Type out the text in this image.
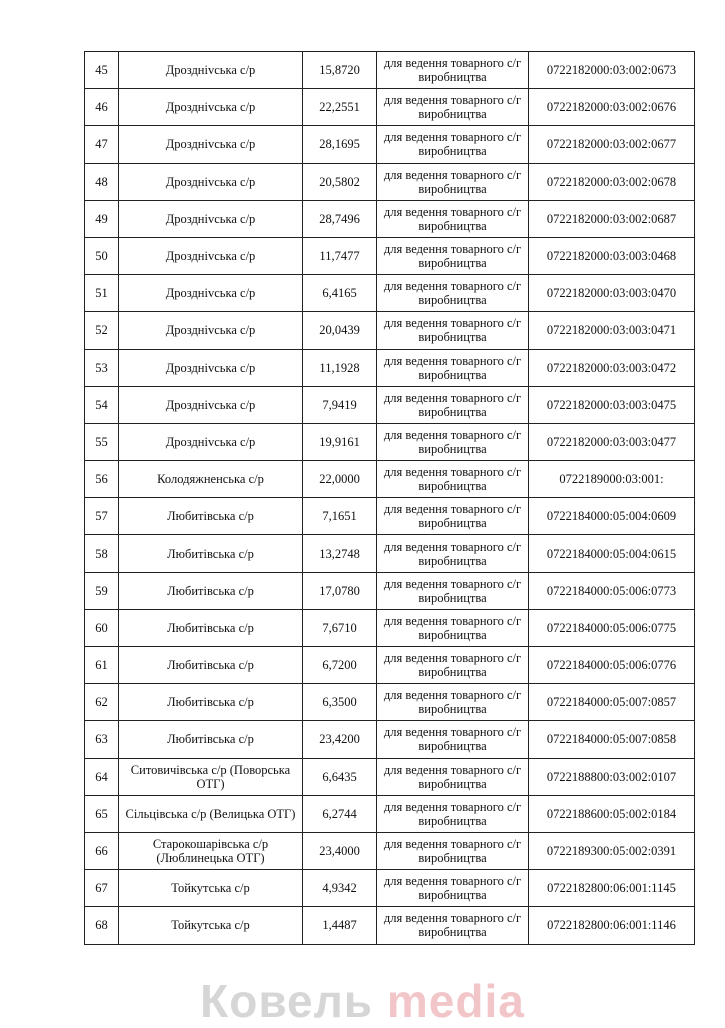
45	Дроздніvська с/р	15,8720	для ведення товарного с/г виробництва	0722182000:03:002:0673
46	Дроздніvська с/р	22,2551	для ведення товарного с/г виробництва	0722182000:03:002:0676
47	Дроздніvська с/р	28,1695	для ведення товарного с/г виробництва	0722182000:03:002:0677
48	Дроздніvська с/р	20,5802	для ведення товарного с/г виробництва	0722182000:03:002:0678
49	Дроздніvська с/р	28,7496	для ведення товарного с/г виробництва	0722182000:03:002:0687
50	Дроздніvська с/р	11,7477	для ведення товарного с/г виробництва	0722182000:03:003:0468
51	Дроздніvська с/р	6,4165	для ведення товарного с/г виробництва	0722182000:03:003:0470
52	Дроздніvська с/р	20,0439	для ведення товарного с/г виробництва	0722182000:03:003:0471
53	Дроздніvська с/р	11,1928	для ведення товарного с/г виробництва	0722182000:03:003:0472
54	Дроздніvська с/р	7,9419	для ведення товарного с/г виробництва	0722182000:03:003:0475
55	Дроздніvська с/р	19,9161	для ведення товарного с/г виробництва	0722182000:03:003:0477
56	Колодяжненська с/р	22,0000	для ведення товарного с/г виробництва	0722189000:03:001:
57	Любитівська с/р	7,1651	для ведення товарного с/г виробництва	0722184000:05:004:0609
58	Любитівська с/р	13,2748	для ведення товарного с/г виробництва	0722184000:05:004:0615
59	Любитівська с/р	17,0780	для ведення товарного с/г виробництва	0722184000:05:006:0773
60	Любитівська с/р	7,6710	для ведення товарного с/г виробництва	0722184000:05:006:0775
61	Любитівська с/р	6,7200	для ведення товарного с/г виробництва	0722184000:05:006:0776
62	Любитівська с/р	6,3500	для ведення товарного с/г виробництва	0722184000:05:007:0857
63	Любитівська с/р	23,4200	для ведення товарного с/г виробництва	0722184000:05:007:0858
64	Ситовичівська с/р (Поворська ОТГ)	6,6435	для ведення товарного с/г виробництва	0722188800:03:002:0107
65	Сільцівська с/р (Велицька ОТГ)	6,2744	для ведення товарного с/г виробництва	0722188600:05:002:0184
66	Старокошарівська с/р (Люблинецька ОТГ)	23,4000	для ведення товарного с/г виробництва	0722189300:05:002:0391
67	Тойкутська с/р	4,9342	для ведення товарного с/г виробництва	0722182800:06:001:1145
68	Тойкутська с/р	1,4487	для ведення товарного с/г виробництва	0722182800:06:001:1146
Ковель media
